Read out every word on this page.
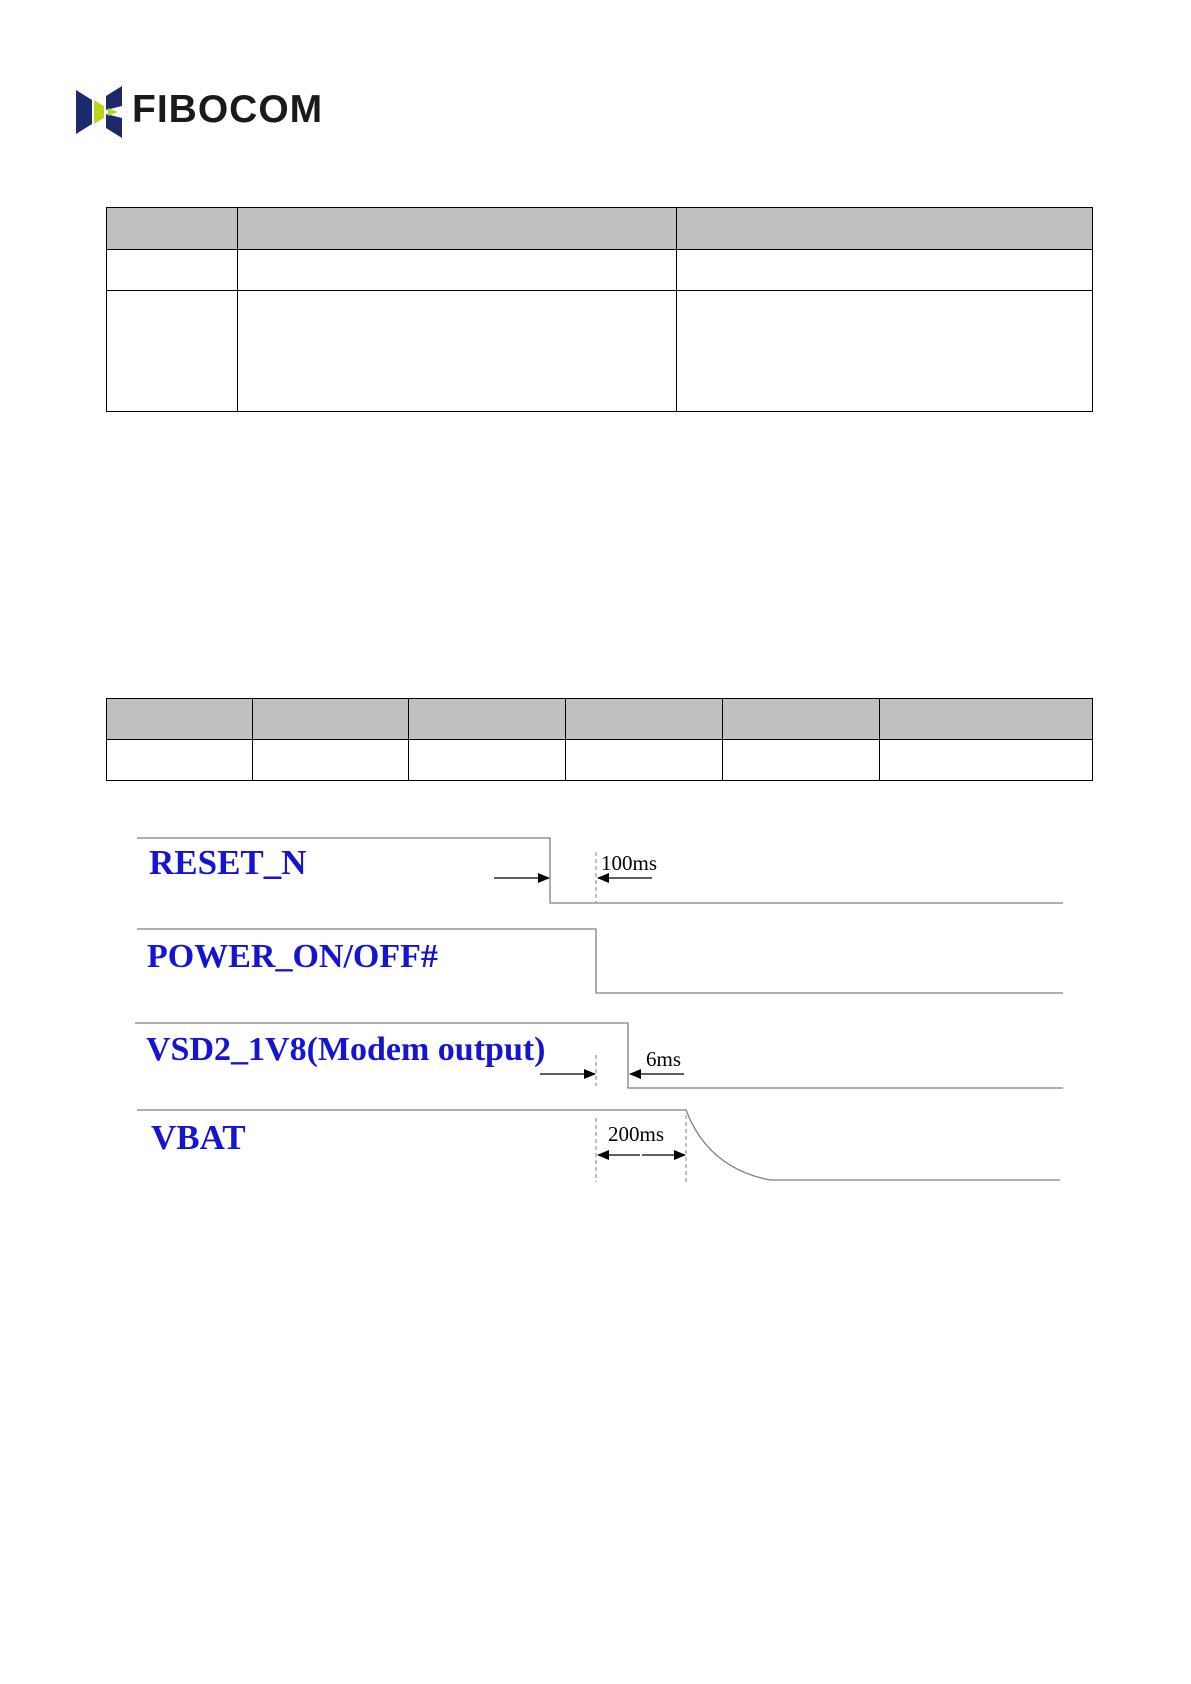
FIBOCOM

RESET_N
POWER_ON/OFF#
VSD2_1V8(Modem output)
VBAT
100ms
6ms
200ms
